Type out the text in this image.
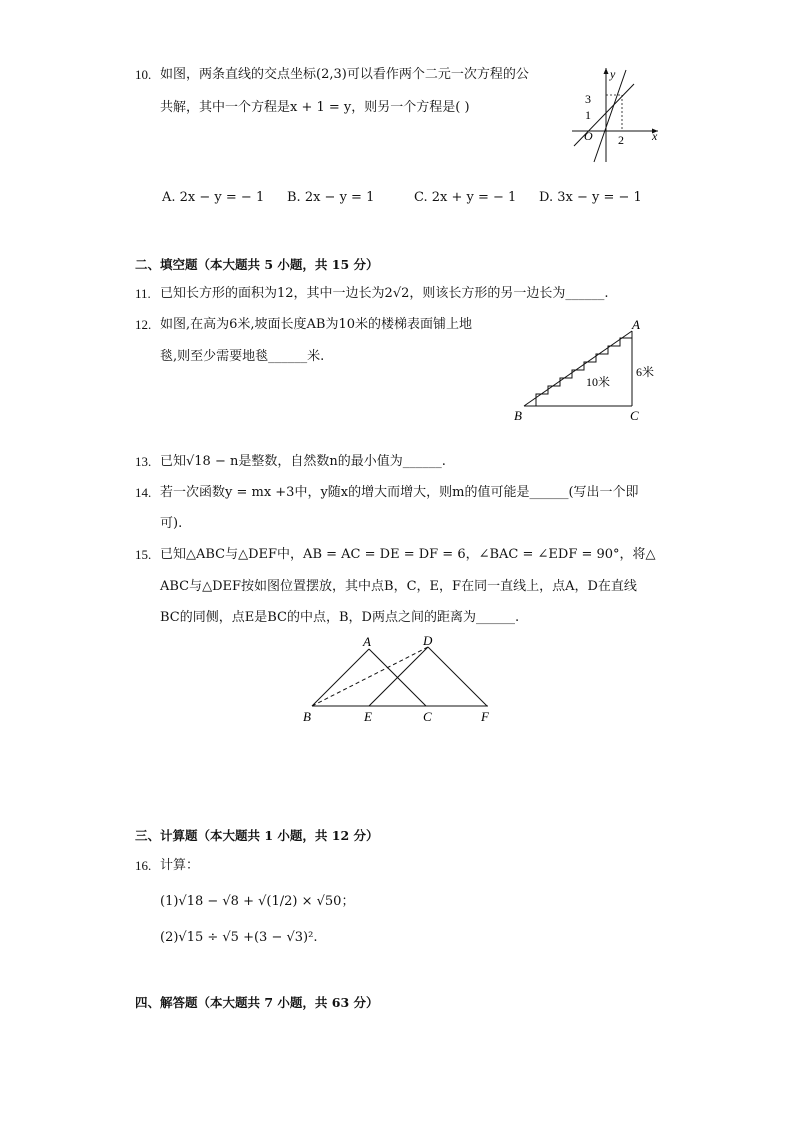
10. 如图，两条直线的交点坐标(2,3)可以看作两个二元一次方程的公
共解，其中一个方程是x + 1 = y，则另一个方程是( )
y
x
3
1
O 2
A. 2x − y = − 1 B. 2x − y = 1	C. 2x + y = − 1 D. 3x − y = − 1
二、填空题（本大题共 5 小题，共 15 分）
11. 已知长方形的面积为12，其中一边长为2√2，则该长方形的另一边长为______.
12. 如图,在高为6米,坡面长度AB为10米的楼梯表面铺上地
毯,则至少需要地毯______米.
A
B	C
10米
6米
13. 已知√18 − n是整数，自然数n的最小值为______.
14. 若一次函数y = mx +3中，y随x的增大而增大，则m的值可能是______(写出一个即
可).
15. 已知△ABC与△DEF中，AB = AC = DE = DF = 6，∠BAC = ∠EDF = 90°，将△
ABC与△DEF按如图位置摆放，其中点B，C，E，F在同一直线上，点A，D在直线
BC的同侧，点E是BC的中点，B，D两点之间的距离为______.
A	D
B	E	C	F
三、计算题（本大题共 1 小题，共 12 分）
16. 计算：
(1)√18 − √8 + √(1/2) × √50；
(2)√15 ÷ √5 +(3 − √3)².
四、解答题（本大题共 7 小题，共 63 分）
